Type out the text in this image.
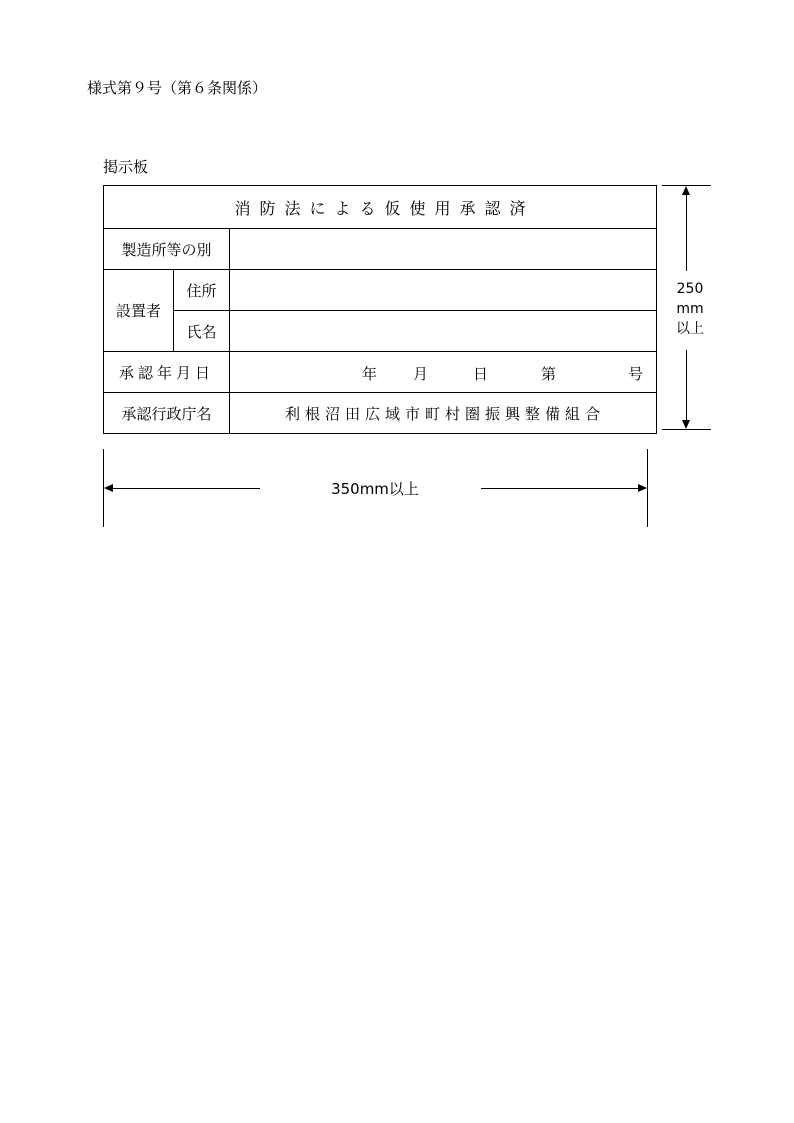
様式第９号（第６条関係）
掲示板
消防法による仮使用承認済		
製造所等の別		
設置者	住所	
	氏名	
承認年月日		年 月 日 第 号

承認行政庁名		利根沼田広域市町村圏振興整備組合
250
mm
以上
350mm以上
